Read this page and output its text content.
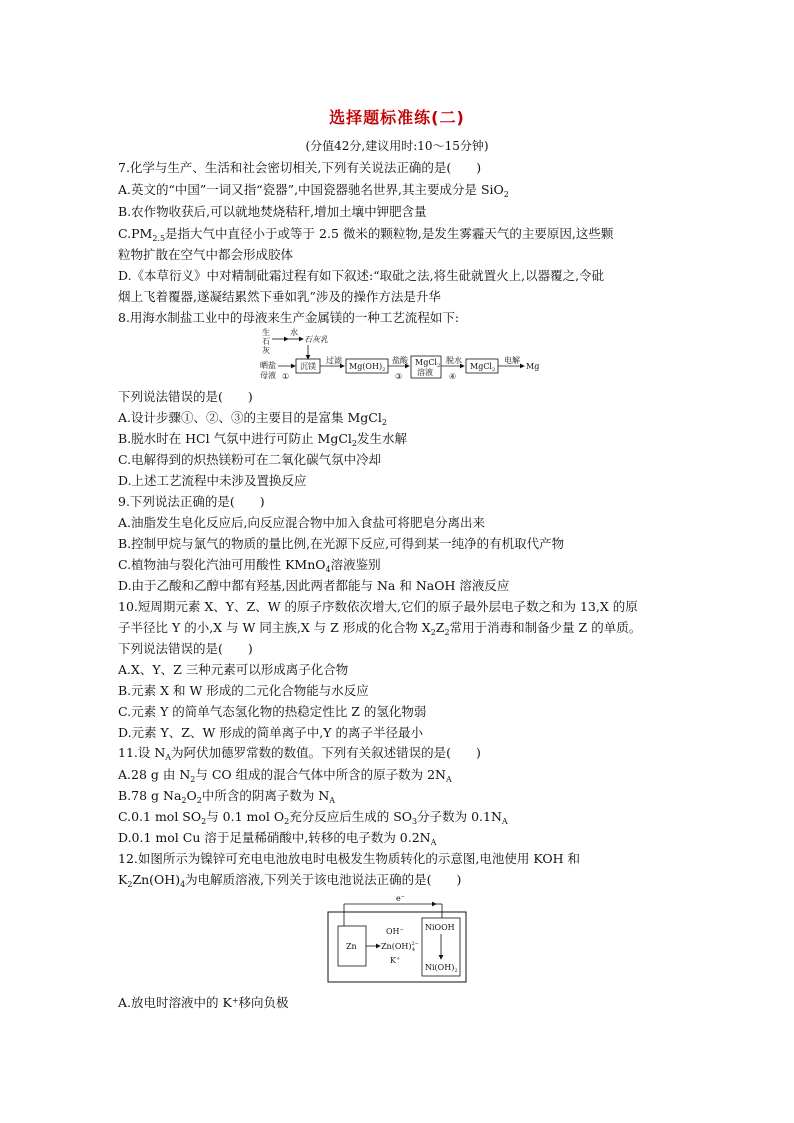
选择题标准练(二)
(分值42分,建议用时:10～15分钟)
7.化学与生产、生活和社会密切相关,下列有关说法正确的是(　　)
A.英文的“中国”一词又指“瓷器”,中国瓷器驰名世界,其主要成分是 SiO$_2$
B.农作物收获后,可以就地焚烧秸秆,增加土壤中钾肥含量
$C.PM_{2.5}$是指大气中直径小于或等于 2.5 微米的颗粒物,是发生雾霾天气的主要原因,这些颗
粒物扩散在空气中都会形成胶体
D.《本草衍义》中对精制砒霜过程有如下叙述:“取砒之法,将生砒就置火上,以器覆之,令砒
烟上飞着覆器,遂凝结累然下垂如乳”涉及的操作方法是升华
8.用海水制盐工业中的母液来生产金属镁的一种工艺流程如下:
生
石
灰
水
石灰乳
晒盐
母液 ①
沉镁
过滤
$Mg(OH)_2$
盐酸
③
MgCl$_2$
溶液
脱水
④
MgCl$_2$
电解
Mg
下列说法错误的是(　　)
A.设计步骤①、②、③的主要目的是富集 MgCl$_2$
B.脱水时在 HCl 气氛中进行可防止 MgCl$_2$发生水解
C.电解得到的炽热镁粉可在二氧化碳气氛中冷却
D.上述工艺流程中未涉及置换反应
9.下列说法正确的是(　　)
A.油脂发生皂化反应后,向反应混合物中加入食盐可将肥皂分离出来
B.控制甲烷与氯气的物质的量比例,在光源下反应,可得到某一纯净的有机取代产物
C.植物油与裂化汽油可用酸性 KMnO$_4$溶液鉴别
D.由于乙酸和乙醇中都有羟基,因此两者都能与 Na 和 NaOH 溶液反应
10.短周期元素 X、Y、Z、W 的原子序数依次增大,它们的原子最外层电子数之和为 13,X 的原
子半径比 Y 的小,X 与 W 同主族,X 与 Z 形成的化合物 $X_2Z_2$常用于消毒和制备少量 Z 的单质。
下列说法错误的是(　　)
A.X、Y、Z 三种元素可以形成离子化合物
B.元素 X 和 W 形成的二元化合物能与水反应
C.元素 Y 的简单气态氢化物的热稳定性比 Z 的氢化物弱
D.元素 Y、Z、W 形成的简单离子中,Y 的离子半径最小
11.设 $N_A$为阿伏加德罗常数的数值。下列有关叙述错误的是(　　)
A.28 g 由 $N_2$与 CO 组成的混合气体中所含的原子数为 $2N_A$
B.78 g $Na_2O_2$中所含的阴离子数为 $N_A$
C.0.1 mol $SO_2$与 0.1 mol $O_2$充分反应后生成的 $SO_3$分子数为 $0.1N_A$
D.0.1 mol Cu 溶于足量稀硝酸中,转移的电子数为 $0.2N_A$
12.如图所示为镍锌可充电电池放电时电极发生物质转化的示意图,电池使用 KOH 和
$K_2Zn(OH)_4$为电解质溶液,下列关于该电池说法正确的是(　　)
e−
Zn
OH−
Zn(OH)$^{2-}$ 4
K+
NiOOH
$Ni(OH)_2$
A.放电时溶液中的 K+移向负极
